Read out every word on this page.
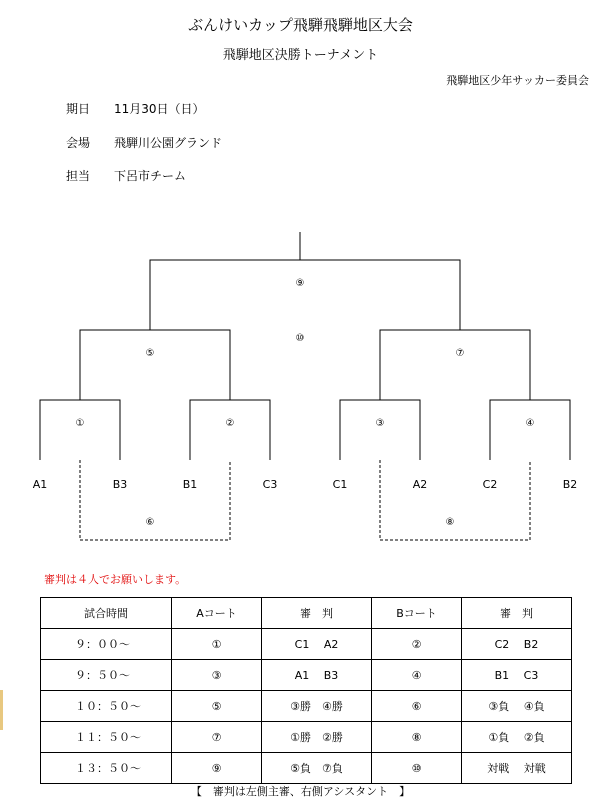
ぶんけいカップ飛騨飛騨地区大会
飛騨地区決勝トーナメント
飛騨地区少年サッカー委員会
期日 11月30日（日）
会場 飛騨川公園グランド
担当 下呂市チーム
⑨
⑩
⑤	⑦
①	②	③	④
⑥	⑧
A1	B3	B1	C3	C1	A2	C2	B2
審判は４人でお願いします。
試合時間	Aコート	審　判	Bコート	審　判
９：００～	①	C1　 A2	②	C2　 B2
９：５０～	③	A1　 B3	④	B1　 C3
１０：５０～	⑤	③勝　④勝	⑥	③負　 ④負
１１：５０～	⑦	①勝　②勝	⑧	①負　 ②負
１３：５０～	⑨	⑤負　⑦負	⑩	対戦　 対戦
【　審判は左側主審、右側アシスタント　】
